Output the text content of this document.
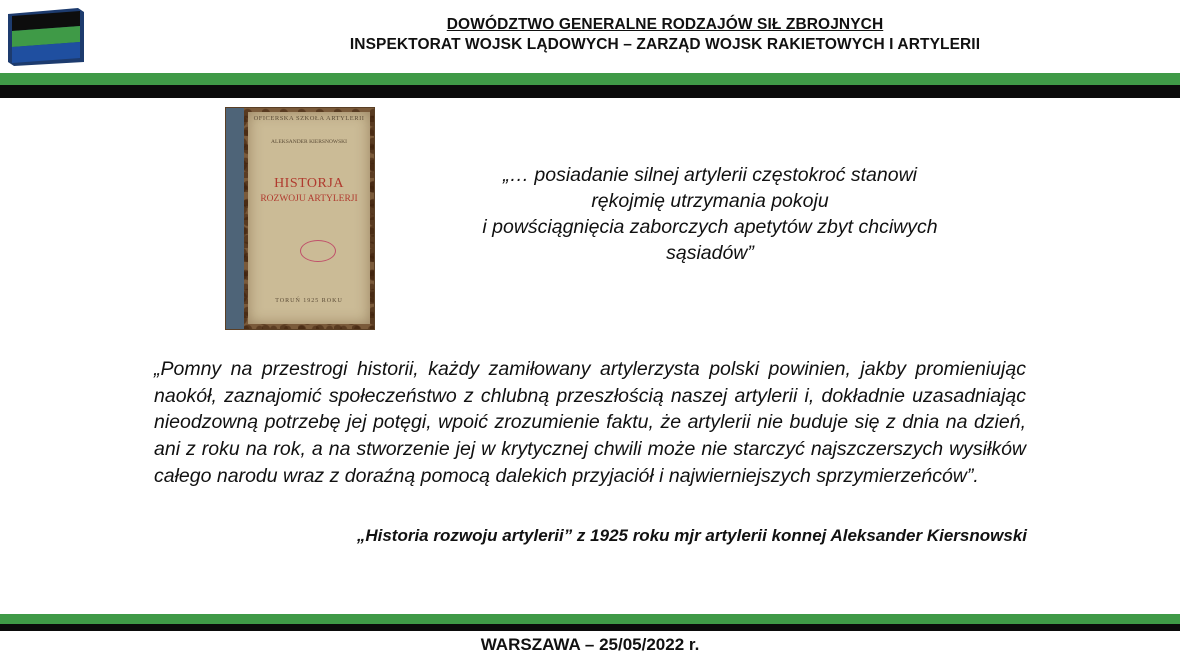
DOWÓDZTWO GENERALNE RODZAJÓW SIŁ ZBROJNYCH
INSPEKTORAT WOJSK LĄDOWYCH – ZARZĄD WOJSK RAKIETOWYCH I ARTYLERII
OFICERSKA SZKOŁA ARTYLERII
ALEKSANDER KIERSNOWSKI
HISTORJA
ROZWOJU ARTYLERJI
TORUŃ 1925 ROKU
„… posiadanie silnej artylerii częstokroć stanowi
rękojmię utrzymania pokoju
i powściągnięcia zaborczych apetytów zbyt chciwych
sąsiadów”

„Pomny na przestrogi historii, każdy zamiłowany artylerzysta polski powinien, jakby promieniując naokół, zaznajomić społeczeństwo z chlubną przeszłością naszej artylerii i, dokładnie uzasadniając nieodzowną potrzebę jej potęgi, wpoić zrozumienie faktu, że artylerii nie buduje się z dnia na dzień, ani z roku na rok, a na stworzenie jej w krytycznej chwili może nie starczyć najszczerszych wysiłków całego narodu wraz z doraźną pomocą dalekich przyjaciół i najwierniejszych sprzymierzeńców”.

„Historia rozwoju artylerii” z 1925 roku mjr artylerii konnej Aleksander Kiersnowski
WARSZAWA – 25/05/2022 r.
